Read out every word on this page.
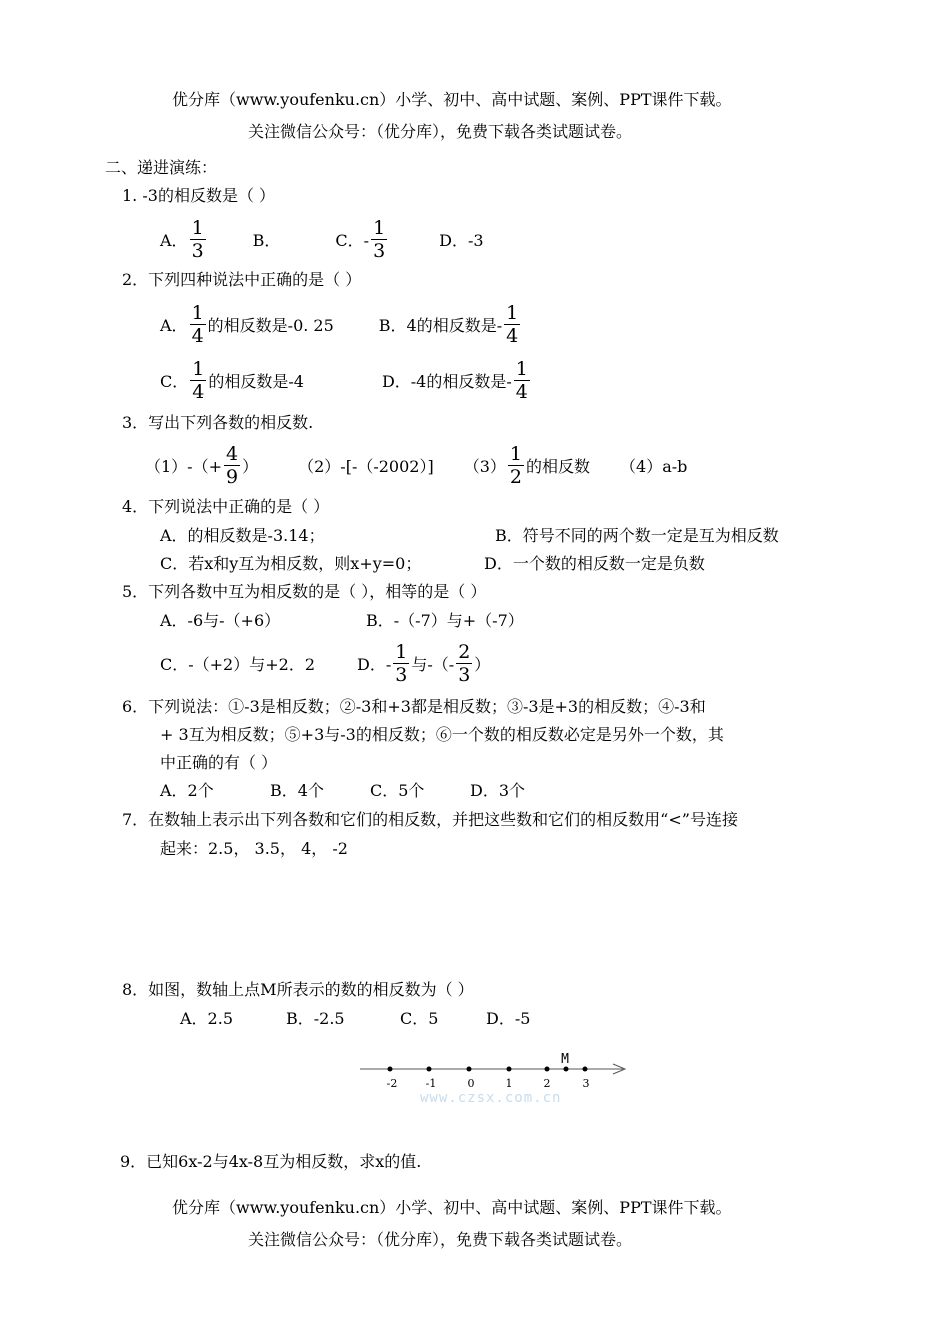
优分库（www.youfenku.cn）小学、初中、高中试题、案例、PPT课件下载。
关注微信公众号：（优分库），免费下载各类试题试卷。
二、递进演练：
1. -3的相反数是（ ）
A． $\frac{1}{3}$	B．	C．- $\frac{1}{3}$	D．-3
2．下列四种说法中正确的是（ ）
A． $\frac{1}{4}$ 的相反数是-0. 25	B．4的相反数是- $\frac{1}{4}$
C． $\frac{1}{4}$ 的相反数是-4	D．-4的相反数是- $\frac{1}{4}$
3．写出下列各数的相反数.
$(1)-(+ \frac{4}{9}$ ）	（2）-[-（-2002）] $(3) \frac{1}{2}$ 的相反数 （4）a-b
4．下列说法中正确的是（ ）
A．的相反数是-3.14；	B．符号不同的两个数一定是互为相反数
C．若x和y互为相反数，则x+y=0；	D．一个数的相反数一定是负数
5．下列各数中互为相反数的是（ ），相等的是（ ）
A．-6与-（+6）	B．-（-7）与+（-7）
C．-（+2）与+2．2	D．- $\frac{1}{3}$ 与-（- $\frac{2}{3}$ ）
6．下列说法：①-3是相反数；②-3和+3都是相反数；③-3是+3的相反数；④-3和
+ 3互为相反数；⑤+3与-3的相反数；⑥一个数的相反数必定是另外一个数，其
中正确的有（ ）
A．2个	B．4个	C．5个	D．3个
7．在数轴上表示出下列各数和它们的相反数，并把这些数和它们的相反数用“<”号连接
起来：2.5， 3.5， 4， -2
8．如图，数轴上点M所表示的数的相反数为（ ）
A．2.5	B．-2.5	C．5	D．-5
M
-2	-1	0	1	2	3
www.czsx.com.cn
9．已知6x-2与4x-8互为相反数，求x的值.
优分库（www.youfenku.cn）小学、初中、高中试题、案例、PPT课件下载。
关注微信公众号：（优分库），免费下载各类试题试卷。
